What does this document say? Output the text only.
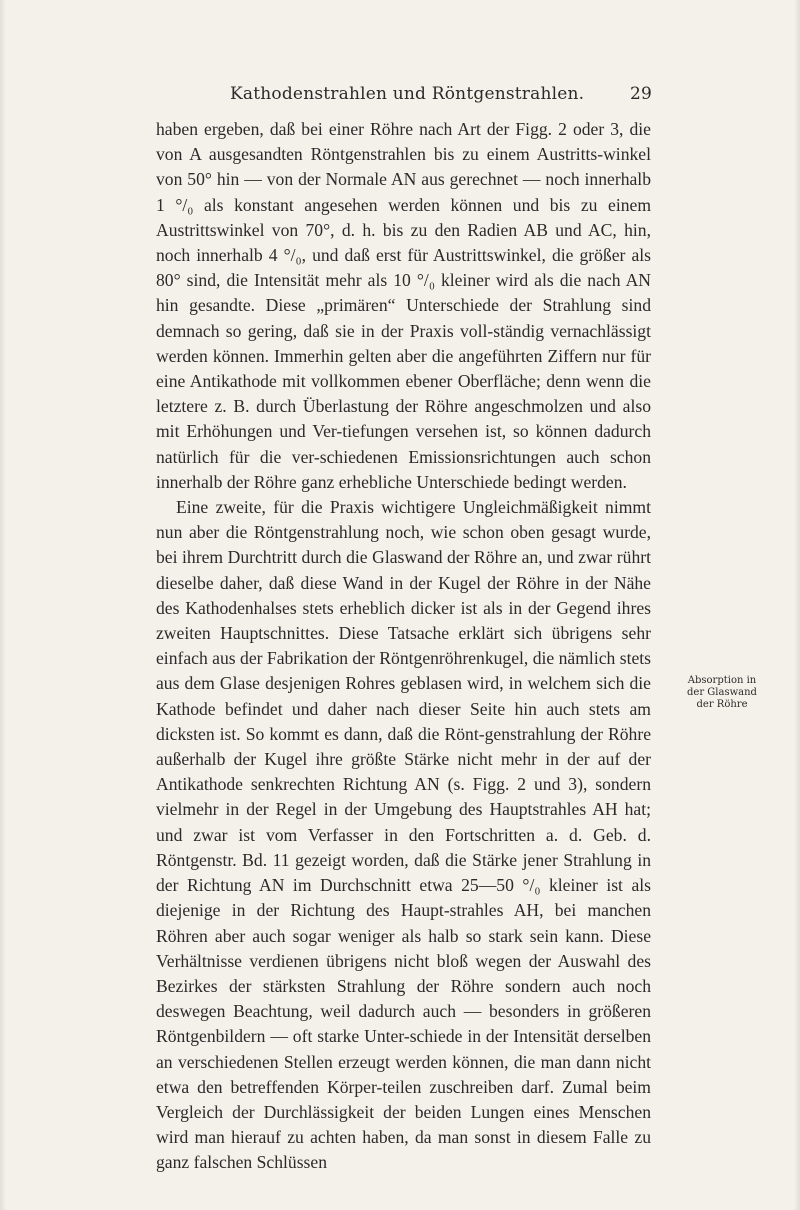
Kathodenstrahlen und Röntgenstrahlen.	29

haben ergeben, daß bei einer Röhre nach Art der Figg. 2 oder 3, die von A ausgesandten Röntgenstrahlen bis zu einem Austritts-winkel von 50° hin — von der Normale AN aus gerechnet — noch innerhalb 1 °/₀ als konstant angesehen werden können und bis zu einem Austrittswinkel von 70°, d. h. bis zu den Radien AB und AC, hin, noch innerhalb 4 °/₀, und daß erst für Austrittswinkel, die größer als 80° sind, die Intensität mehr als 10 °/₀ kleiner wird als die nach AN hin gesandte. Diese „primären“ Unterschiede der Strahlung sind demnach so gering, daß sie in der Praxis voll-ständig vernachlässigt werden können. Immerhin gelten aber die angeführten Ziffern nur für eine Antikathode mit vollkommen ebener Oberfläche; denn wenn die letztere z. B. durch Überlastung der Röhre angeschmolzen und also mit Erhöhungen und Ver-tiefungen versehen ist, so können dadurch natürlich für die ver-schiedenen Emissionsrichtungen auch schon innerhalb der Röhre ganz erhebliche Unterschiede bedingt werden.

Eine zweite, für die Praxis wichtigere Ungleichmäßigkeit nimmt nun aber die Röntgenstrahlung noch, wie schon oben gesagt wurde, bei ihrem Durchtritt durch die Glaswand der Röhre an, und zwar rührt dieselbe daher, daß diese Wand in der Kugel der Röhre in der Nähe des Kathodenhalses stets erheblich dicker ist als in der Gegend ihres zweiten Hauptschnittes. Diese Tatsache erklärt sich übrigens sehr einfach aus der Fabrikation der Röntgenröhrenkugel, die nämlich stets aus dem Glase desjenigen Rohres geblasen wird, in welchem sich die Kathode befindet und daher nach dieser Seite hin auch stets am dicksten ist. So kommt es dann, daß die Rönt-genstrahlung der Röhre außerhalb der Kugel ihre größte Stärke nicht mehr in der auf der Antikathode senkrechten Richtung AN (s. Figg. 2 und 3), sondern vielmehr in der Regel in der Umgebung des Hauptstrahles AH hat; und zwar ist vom Verfasser in den Fortschritten a. d. Geb. d. Röntgenstr. Bd. 11 gezeigt worden, daß die Stärke jener Strahlung in der Richtung AN im Durchschnitt etwa 25—50 °/₀ kleiner ist als diejenige in der Richtung des Haupt-strahles AH, bei manchen Röhren aber auch sogar weniger als halb so stark sein kann. Diese Verhältnisse verdienen übrigens nicht bloß wegen der Auswahl des Bezirkes der stärksten Strahlung der Röhre sondern auch noch deswegen Beachtung, weil dadurch auch — besonders in größeren Röntgenbildern — oft starke Unter-schiede in der Intensität derselben an verschiedenen Stellen erzeugt werden können, die man dann nicht etwa den betreffenden Körper-teilen zuschreiben darf. Zumal beim Vergleich der Durchlässigkeit der beiden Lungen eines Menschen wird man hierauf zu achten haben, da man sonst in diesem Falle zu ganz falschen Schlüssen

Absorption in
der Glaswand
der Röhre
